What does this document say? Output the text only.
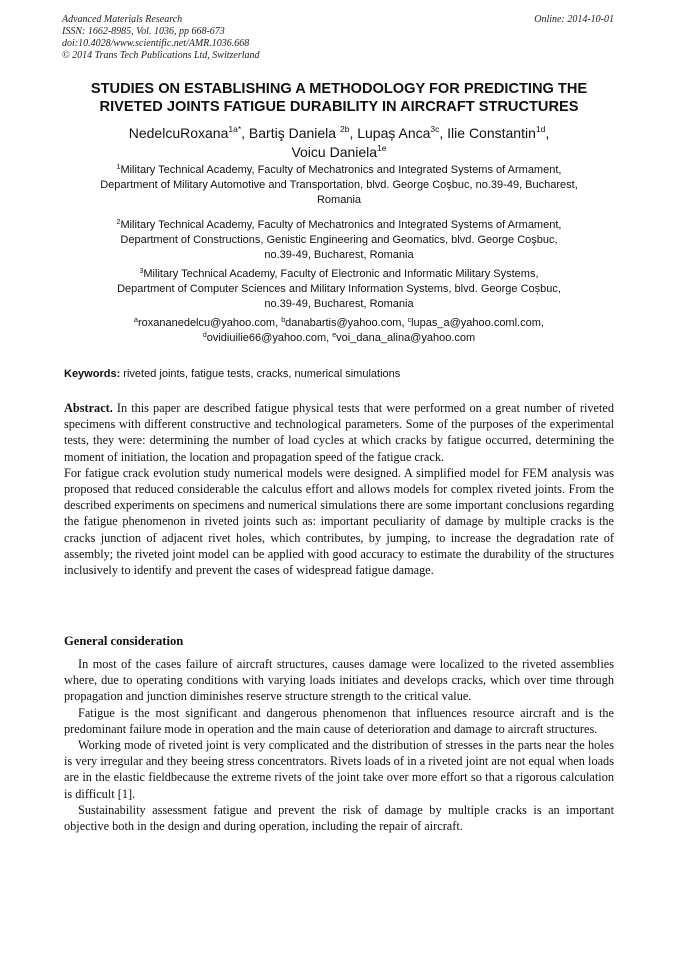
Advanced Materials Research
ISSN: 1662-8985, Vol. 1036, pp 668-673
doi:10.4028/www.scientific.net/AMR.1036.668
© 2014 Trans Tech Publications Ltd, Switzerland
Online: 2014-10-01
STUDIES ON ESTABLISHING A METHODOLOGY FOR PREDICTING THE
RIVETED JOINTS FATIGUE DURABILITY IN AIRCRAFT STRUCTURES
NedelcuRoxana$^{1a*}$, Bartiş Daniela $^{2b}$, Lupaș Anca$^{3c}$, Ilie Constantin$^{1d}$,
Voicu Daniela$^{1e}$
$^1$Military Technical Academy, Faculty of Mechatronics and Integrated Systems of Armament,
Department of Military Automotive and Transportation, blvd. George Coşbuc, no.39-49, Bucharest,
Romania
$^2$Military Technical Academy, Faculty of Mechatronics and Integrated Systems of Armament,
Department of Constructions, Genistic Engineering and Geomatics, blvd. George Coşbuc,
no.39-49, Bucharest, Romania
$^3$Military Technical Academy, Faculty of Electronic and Informatic Military Systems,
Department of Computer Sciences and Military Information Systems, blvd. George Coșbuc,
no.39-49, Bucharest, Romania
$^a$roxananedelcu@yahoo.com, $^b$danabartis@yahoo.com, $^c$lupas_a@yahoo.coml.com,
$^d$ovidiuilie66@yahoo.com, $^e$voi_dana_alina@yahoo.com
Keywords: riveted joints, fatigue tests, cracks, numerical simulations

Abstract. In this paper are described fatigue physical tests that were performed on a great number of riveted specimens with different constructive and technological parameters. Some of the purposes of the experimental tests, they were: determining the number of load cycles at which cracks by fatigue occurred, determining the moment of initiation, the location and propagation speed of the fatigue crack.

For fatigue crack evolution study numerical models were designed. A simplified model for FEM analysis was proposed that reduced considerable the calculus effort and allows models for complex riveted joints. From the described experiments on specimens and numerical simulations there are some important conclusions regarding the fatigue phenomenon in riveted joints such as: important peculiarity of damage by multiple cracks is the cracks junction of adjacent rivet holes, which contributes, by jumping, to increase the degradation rate of assembly; the riveted joint model can be applied with good accuracy to estimate the durability of the structures inclusively to identify and prevent the cases of widespread fatigue damage.

General consideration

In most of the cases failure of aircraft structures, causes damage were localized to the riveted assemblies where, due to operating conditions with varying loads initiates and develops cracks, which over time through propagation and junction diminishes reserve structure strength to the critical value.

Fatigue is the most significant and dangerous phenomenon that influences resource aircraft and is the predominant failure mode in operation and the main cause of deterioration and damage to aircraft structures.

Working mode of riveted joint is very complicated and the distribution of stresses in the parts near the holes is very irregular and they beeing stress concentrators. Rivets loads of in a riveted joint are not equal when loads are in the elastic fieldbecause the extreme rivets of the joint take over more effort so that a rigorous calculation is difficult [1].

Sustainability assessment fatigue and prevent the risk of damage by multiple cracks is an important objective both in the design and during operation, including the repair of aircraft.
